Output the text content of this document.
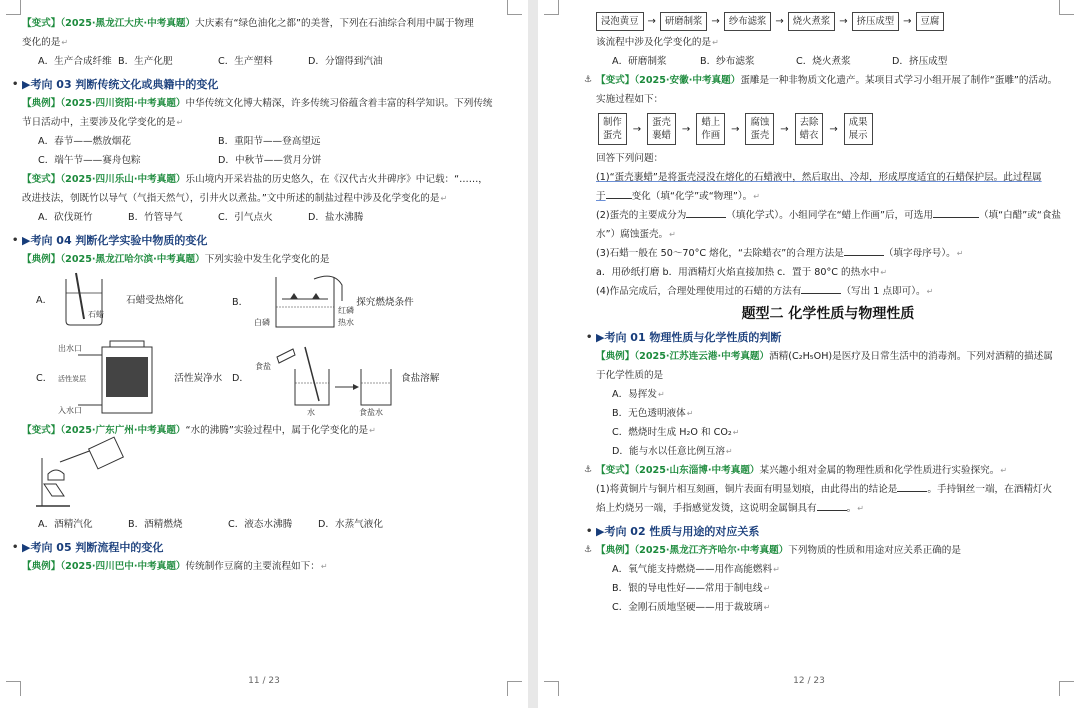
【变式】（2025·黑龙江大庆·中考真题）大庆素有“绿色油化之都”的美誉，下列在石油综合利用中属于物理
变化的是↵
A．生产合成纤维 B．生产化肥	C．生产塑料	D．分馏得到汽油
• ▶考向 03 判断传统文化或典籍中的变化
【典例】（2025·四川资阳·中考真题）中华传统文化博大精深，许多传统习俗蕴含着丰富的科学知识。下列传统
节日活动中，主要涉及化学变化的是↵
A．春节——燃放烟花	B．重阳节——登高望远
C．端午节——赛舟包粽	D．中秋节——赏月分饼
【变式】（2025·四川乐山·中考真题）乐山境内开采岩盐的历史悠久，在《汉代古火井碑序》中记载：“……，
改进技法，刳既竹以导气（气指天然气），引井火以煮盐。”文中所述的制盐过程中涉及化学变化的是↵
A．砍伐斑竹	B．竹管导气	C．引气点火	D．盐水沸腾
• ▶考向 04 判断化学实验中物质的变化
【典例】（2025·黑龙江哈尔滨·中考真题）下列实验中发生化学变化的是
A．
石蜡
石蜡受热熔化	B．
白磷
红磷
热水
探究燃烧条件
C．
出水口
活性炭层
入水口
活性炭净水 D．
食盐
水	食盐水
食盐溶解
【变式】（2025·广东广州·中考真题）“水的沸腾”实验过程中，属于化学变化的是↵
A．酒精汽化	B．酒精燃烧	C．液态水沸腾	D．水蒸气液化
• ▶考向 05 判断流程中的变化
【典例】（2025·四川巴中·中考真题）传统制作豆腐的主要流程如下：↵
11 / 23
浸泡黄豆 → 研磨制浆 → 纱布滤浆 → 烧火煮浆 → 挤压成型 → 豆腐
该流程中涉及化学变化的是↵
A．研磨制浆	B．纱布滤浆	C．烧火煮浆	D．挤压成型
⚓ 【变式】（2025·安徽·中考真题）蛋雕是一种非物质文化遗产。某项目式学习小组开展了制作“蛋雕”的活动。
实施过程如下：
制作
蛋壳
→
蛋壳
裹蜡
→
蜡上
作画
→
腐蚀
蛋壳
→
去除
蜡衣
→
成果
展示
回答下列问题：
(1)“蛋壳裹蜡”是将蛋壳浸没在熔化的石蜡液中，然后取出、冷却，形成厚度适宜的石蜡保护层。此过程属
于	变化（填“化学”或“物理”）。↵
(2)蛋壳的主要成分为	（填化学式）。小组同学在“蜡上作画”后，可选用	（填“白醋”或“食盐
水”）腐蚀蛋壳。↵
(3)石蜡一般在 50～70°C 熔化，“去除蜡衣”的合理方法是	（填字母序号）。↵
a．用砂纸打磨 b．用酒精灯火焰直接加热 c．置于 80°C 的热水中↵
(4)作品完成后，合理处理使用过的石蜡的方法有	（写出 1 点即可）。↵
题型二 化学性质与物理性质
• ▶考向 01 物理性质与化学性质的判断
【典例】（2025·江苏连云港·中考真题）酒精(C₂H₅OH)是医疗及日常生活中的消毒剂。下列对酒精的描述属
于化学性质的是
A．易挥发↵
B．无色透明液体↵
C．燃烧时生成 H₂O 和 CO₂↵
D．能与水以任意比例互溶↵
⚓ 【变式】（2025·山东淄博·中考真题）某兴趣小组对金属的物理性质和化学性质进行实验探究。↵
(1)将黄铜片与铜片相互刻画，铜片表面有明显划痕，由此得出的结论是	。手持铜丝一端，在酒精灯火
焰上灼烧另一端，手指感觉发烫，这说明金属铜具有	。↵
• ▶考向 02 性质与用途的对应关系
⚓ 【典例】（2025·黑龙江齐齐哈尔·中考真题）下列物质的性质和用途对应关系正确的是
A．氧气能支持燃烧——用作高能燃料↵
B．银的导电性好——常用于制电线↵
C．金刚石质地坚硬——用于裁玻璃↵
12 / 23
